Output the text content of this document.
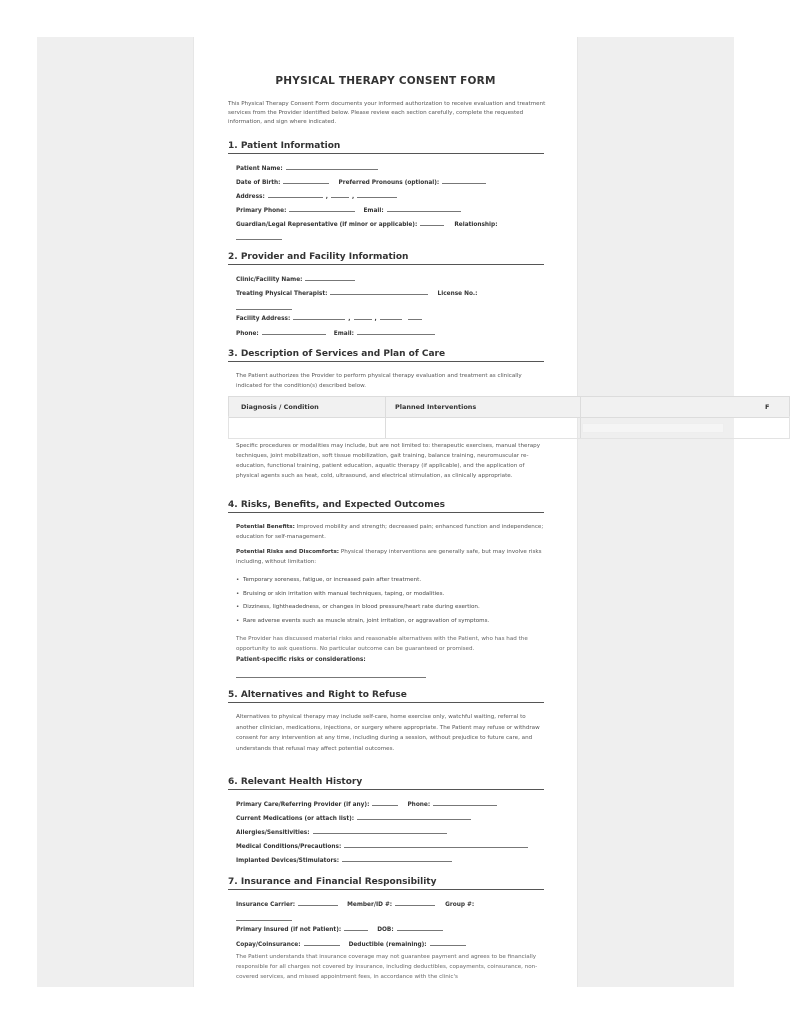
PHYSICAL THERAPY CONSENT FORM
This Physical Therapy Consent Form documents your informed authorization to receive evaluation and treatment services from the Provider identified below. Please review each section carefully, complete the requested information, and sign where indicated.
1. Patient Information
Patient Name:
Date of Birth:	Preferred Pronouns (optional):
Address:	,	,
Primary Phone:	Email:
Guardian/Legal Representative (if minor or applicable):	Relationship:
2. Provider and Facility Information
Clinic/Facility Name:
Treating Physical Therapist:	License No.:
Facility Address:	,	,
Phone:	Email:
3. Description of Services and Plan of Care
The Patient authorizes the Provider to perform physical therapy evaluation and treatment as clinically indicated for the condition(s) described below.
Diagnosis / Condition	Planned Interventions	F
Specific procedures or modalities may include, but are not limited to: therapeutic exercises, manual therapy techniques, joint mobilization, soft tissue mobilization, gait training, balance training, neuromuscular re-education, functional training, patient education, aquatic therapy (if applicable), and the application of physical agents such as heat, cold, ultrasound, and electrical stimulation, as clinically appropriate.
4. Risks, Benefits, and Expected Outcomes
Potential Benefits: Improved mobility and strength; decreased pain; enhanced function and independence; education for self-management.
Potential Risks and Discomforts: Physical therapy interventions are generally safe, but may involve risks including, without limitation:
• Temporary soreness, fatigue, or increased pain after treatment.
• Bruising or skin irritation with manual techniques, taping, or modalities.
• Dizziness, lightheadedness, or changes in blood pressure/heart rate during exertion.
• Rare adverse events such as muscle strain, joint irritation, or aggravation of symptoms.
The Provider has discussed material risks and reasonable alternatives with the Patient, who has had the opportunity to ask questions. No particular outcome can be guaranteed or promised.
Patient-specific risks or considerations:
5. Alternatives and Right to Refuse
Alternatives to physical therapy may include self-care, home exercise only, watchful waiting, referral to another clinician, medications, injections, or surgery where appropriate. The Patient may refuse or withdraw consent for any intervention at any time, including during a session, without prejudice to future care, and understands that refusal may affect potential outcomes.
6. Relevant Health History
Primary Care/Referring Provider (if any):	Phone:
Current Medications (or attach list):
Allergies/Sensitivities:
Medical Conditions/Precautions:
Implanted Devices/Stimulators:
7. Insurance and Financial Responsibility
Insurance Carrier:	Member/ID #:	Group #:
Primary Insured (if not Patient):	DOB:
Copay/Coinsurance:	Deductible (remaining):
The Patient understands that insurance coverage may not guarantee payment and agrees to be financially responsible for all charges not covered by insurance, including deductibles, copayments, coinsurance, non-covered services, and missed appointment fees, in accordance with the clinic's
